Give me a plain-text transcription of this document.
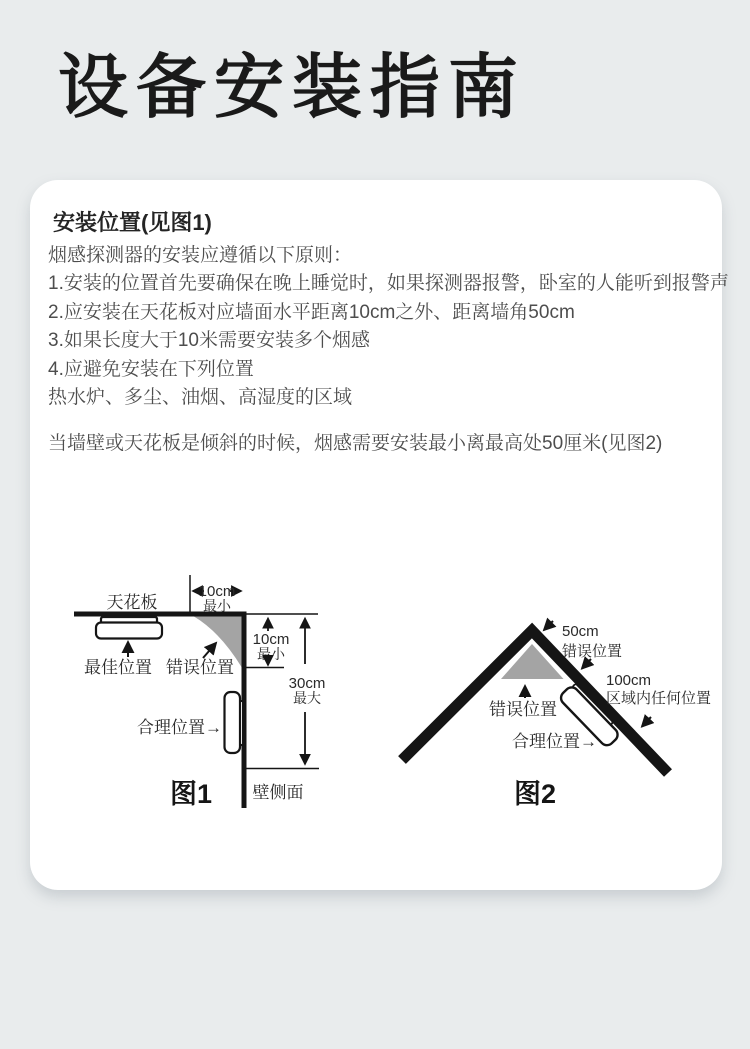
设备安装指南
安装位置(见图1)

烟感探测器的安装应遵循以下原则：

1.安装的位置首先要确保在晚上睡觉时，如果探测器报警，卧室的人能听到报警声

2.应安装在天花板对应墙面水平距离10cm之外、距离墙角50cm

3.如果长度大于10米需要安装多个烟感

4.应避免安装在下列位置

热水炉、多尘、油烟、高湿度的区域

当墙壁或天花板是倾斜的时候，烟感需要安装最小离最高处50厘米(见图2)

10cm
最小
天花板
最佳位置 错误位置
10cm
最小
30cm
最大
合理位置→
图1 壁侧面
50cm
错误位置
100cm
区域内任何位置
错误位置
合理位置→
图2
